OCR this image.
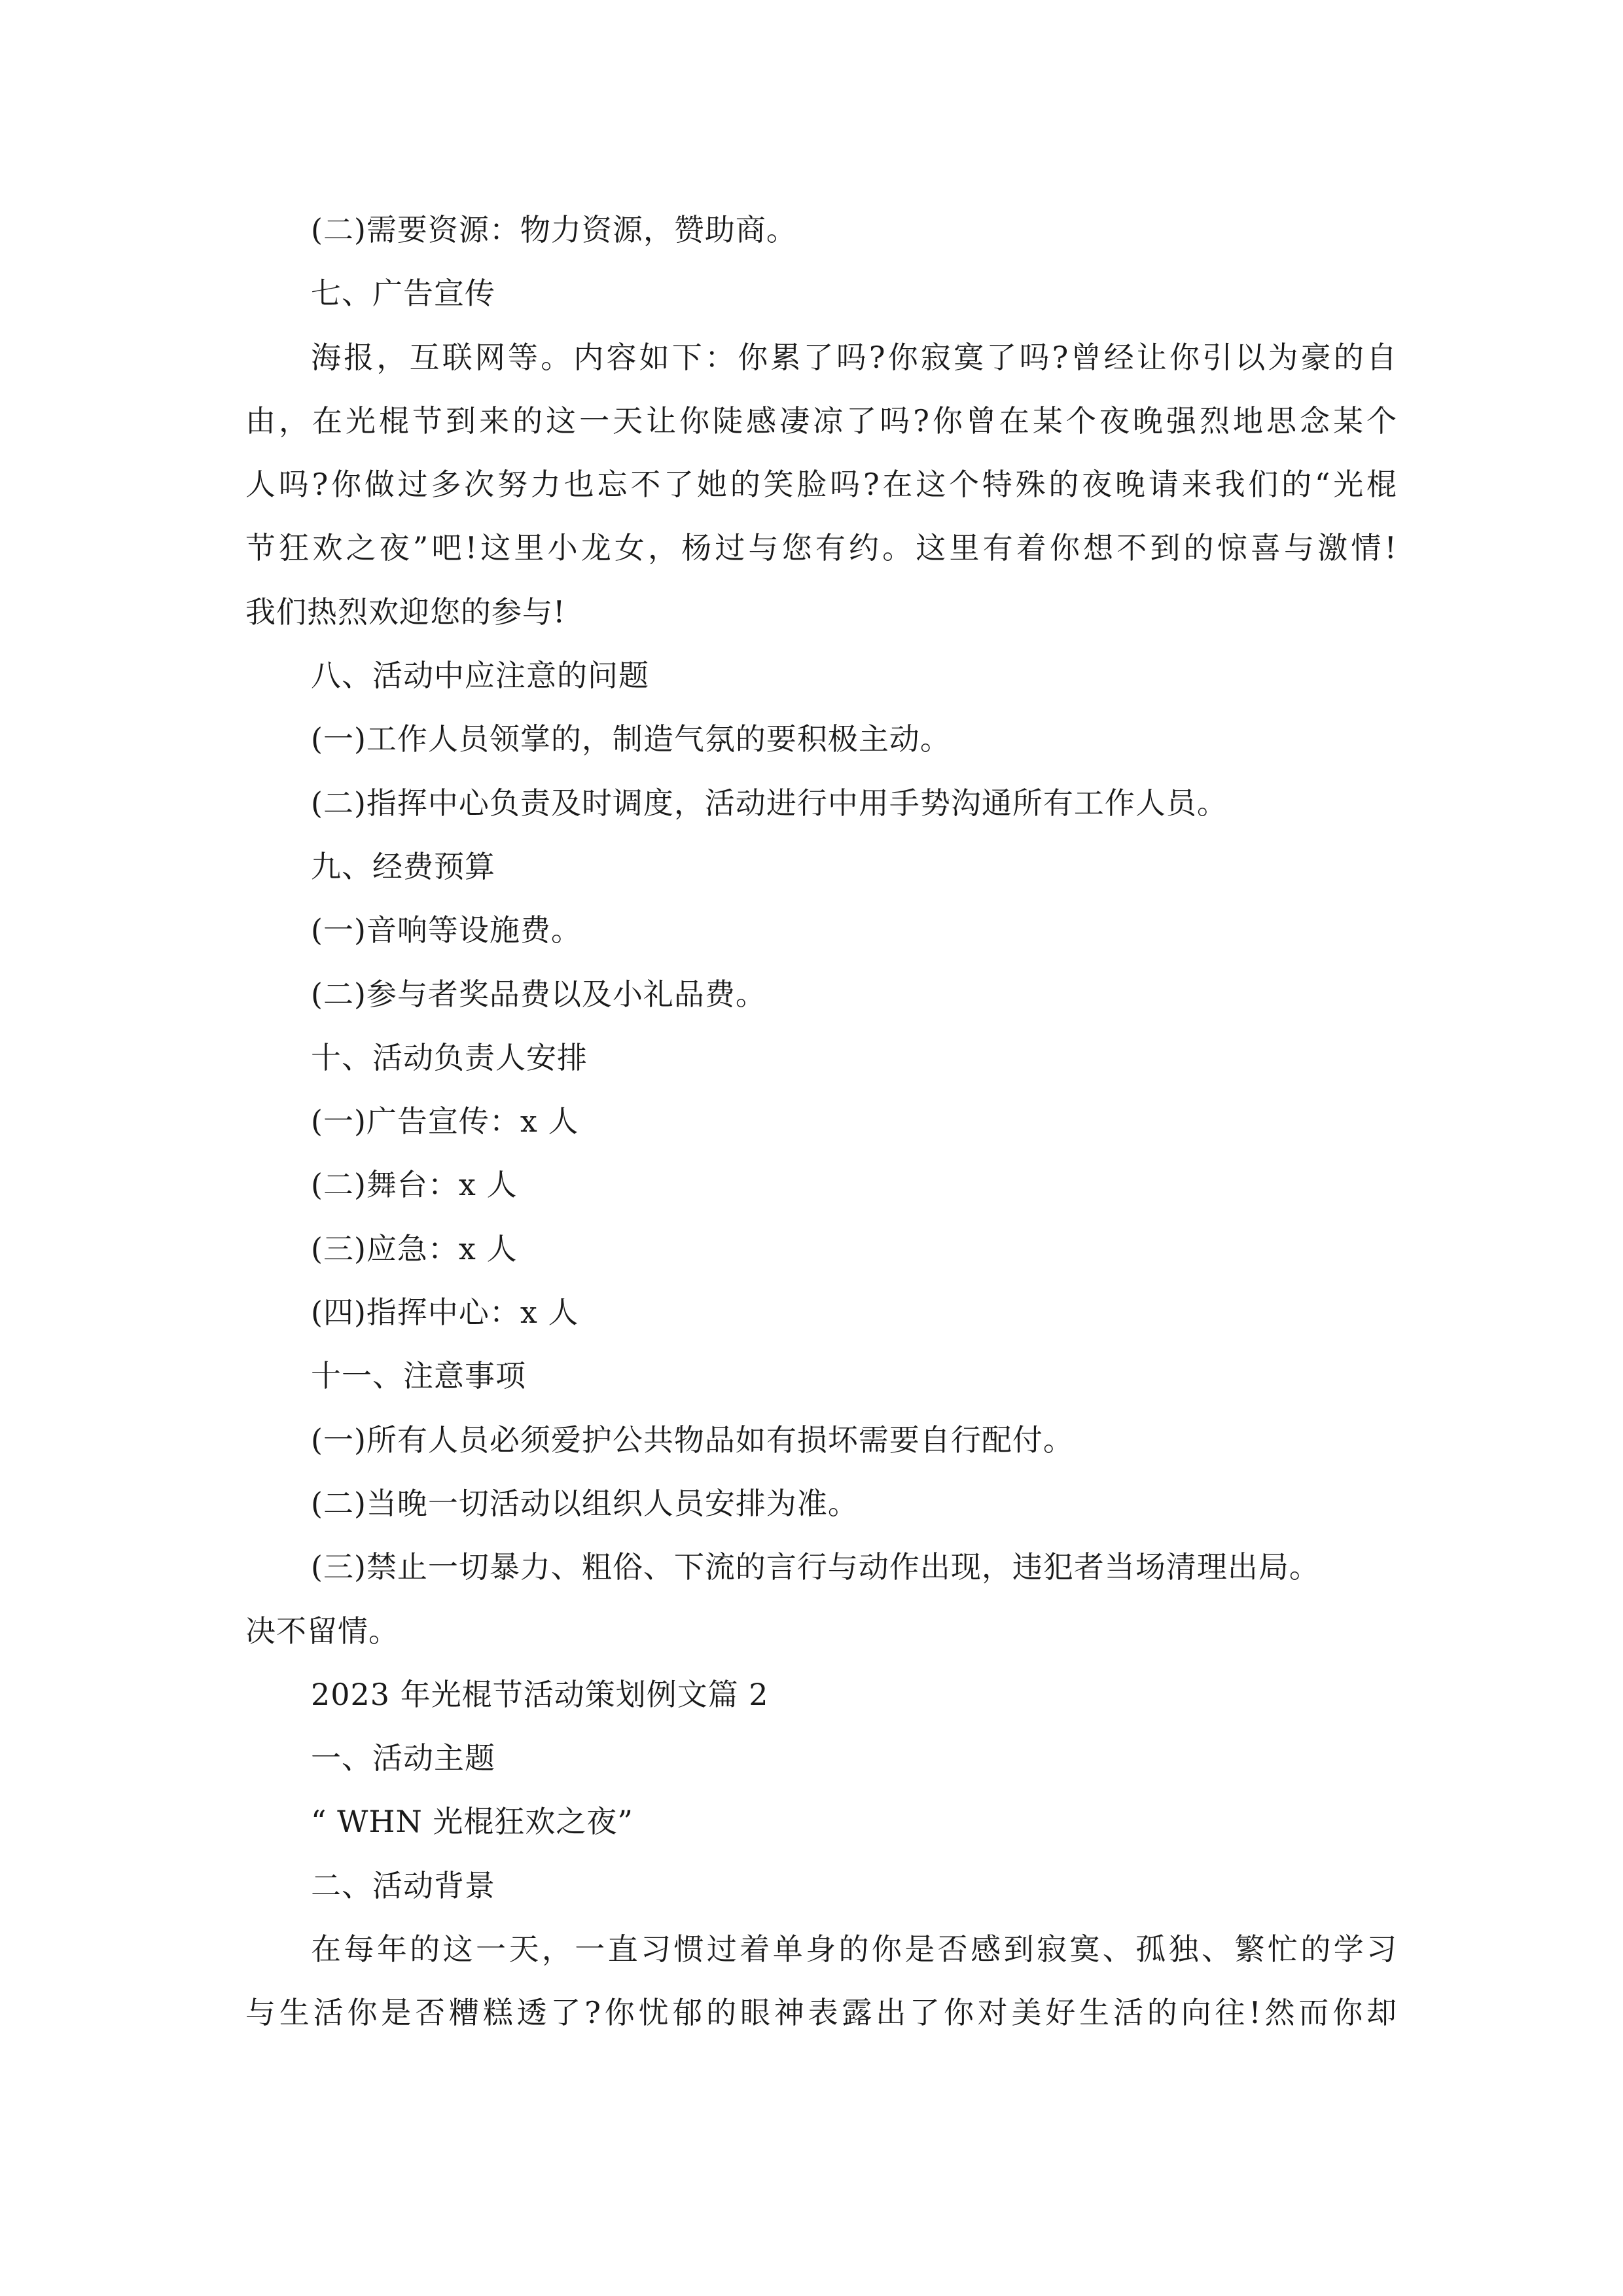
(二)需要资源：物力资源，赞助商。
七、广告宣传
海报，互联网等。内容如下：你累了吗?你寂寞了吗?曾经让你引以为豪的自
由，在光棍节到来的这一天让你陡感凄凉了吗?你曾在某个夜晚强烈地思念某个
人吗?你做过多次努力也忘不了她的笑脸吗?在这个特殊的夜晚请来我们的“光棍
节狂欢之夜”吧!这里小龙女，杨过与您有约。这里有着你想不到的惊喜与激情!
我们热烈欢迎您的参与!
八、活动中应注意的问题
(一)工作人员领掌的，制造气氛的要积极主动。
(二)指挥中心负责及时调度，活动进行中用手势沟通所有工作人员。
九、经费预算
(一)音响等设施费。
(二)参与者奖品费以及小礼品费。
十、活动负责人安排
(一)广告宣传：x 人
(二)舞台：x 人
(三)应急：x 人
(四)指挥中心：x 人
十一、注意事项
(一)所有人员必须爱护公共物品如有损坏需要自行配付。
(二)当晚一切活动以组织人员安排为准。
(三)禁止一切暴力、粗俗、下流的言行与动作出现，违犯者当场清理出局。
决不留情。
2023 年光棍节活动策划例文篇 2
一、活动主题
“ WHN 光棍狂欢之夜”
二、活动背景
在每年的这一天，一直习惯过着单身的你是否感到寂寞、孤独、繁忙的学习
与生活你是否糟糕透了?你忧郁的眼神表露出了你对美好生活的向往!然而你却
